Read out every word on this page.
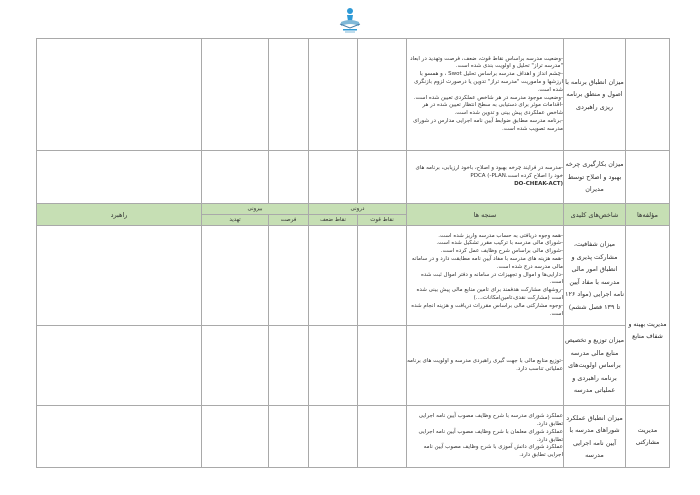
	میزان انطباق برنامه با اصول و منطق برنامه ریزی راهبردی	-وضعیت مدرسه براساس نقاط قوت، ضعف، فرصت وتهدید در ابعاد "مدرسه تراز" تحلیل و اولویت بندی شده است.
-چشم انداز و اهداف مدرسه براساس تحلیل Swot ، و همسو با ارزشها و ماموریت "مدرسه تراز" تدوین یا درصورت لزوم بازنگری شده است.
-وضعیت موجود مدرسه در هر شاخص عملکردی تعیین شده است.
-اقدامات موثر برای دستیابی به سطح انتظار تعیین شده در هر شاخص عملکردی پیش بینی و تدوین شده است.
-برنامه مدرسه مطابق ضوابط آیین نامه اجرایی مدارس در شورای مدرسه تصویب شده است.					

	میزان بکارگیری چرخه بهبود و اصلاح توسط مدیران	-مدرسه در فرایند چرخه بهبود و اصلاح، باخود ارزیابی، برنامه های خود را اصلاح کرده است.PDCA (-PLAN
DO-CHEAK-ACT)					

مؤلفه‌ها	شاخص‌های کلیدی	سنجه ها	درونی		بیرونی		راهبرد
			نقاط قوت	نقاط ضعف	فرصت	تهدید	
مدیریت بهینه و شفاف منابع	میزان شفافیت، مشارکت پذیری و انطباق امور مالی مدرسه با مفاد آیین نامه اجرایی (مواد ۱۲۶ تا ۱۳۹ فصل ششم)	
-همه وجوه دریافتی به حساب مدرسه واریز شده است.
-شورای مالی مدرسه با ترکیب مقرر تشکیل شده است.
-شورای مالی براساس شرح وظایف عمل کرده است.
-همه هزینه های مدرسه با مفاد آیین نامه مطابقت دارد و در سامانه مالی مدرسه درج شده است.
-دارایی‌ها و اموال و تجهیزات در سامانه و دفتر اموال ثبت شده است.
-روشهای مشارکت هدفمند برای تامین منابع مالی پیش بینی شده است (مشارکت نقدی،تامین‌امکانات،...)
-وجوه مشارکتی مالی براساس مقررات دریافت و هزینه انجام شده است.

	میزان توزیع و تخصیص منابع مالی مدرسه براساس اولویت‌های برنامه راهبردی و عملیاتی مدرسه	-توزیع منابع مالی با جهت گیری راهبردی مدرسه و اولویت های برنامه عملیاتی تناسب دارد.					

مدیریت مشارکتی	میزان انطباق عملکرد شوراهای مدرسه با آیین نامه اجرایی مدرسه	عملکرد شورای مدرسه با شرح وظایف مصوب آیین نامه اجرایی تطابق دارد.
عملکرد شورای معلمان با شرح وظایف مصوب آیین نامه اجرایی تطابق دارد.
عملکرد شورای دانش آموزی با شرح وظایف مصوب آیین نامه اجرایی تطابق دارد.					
